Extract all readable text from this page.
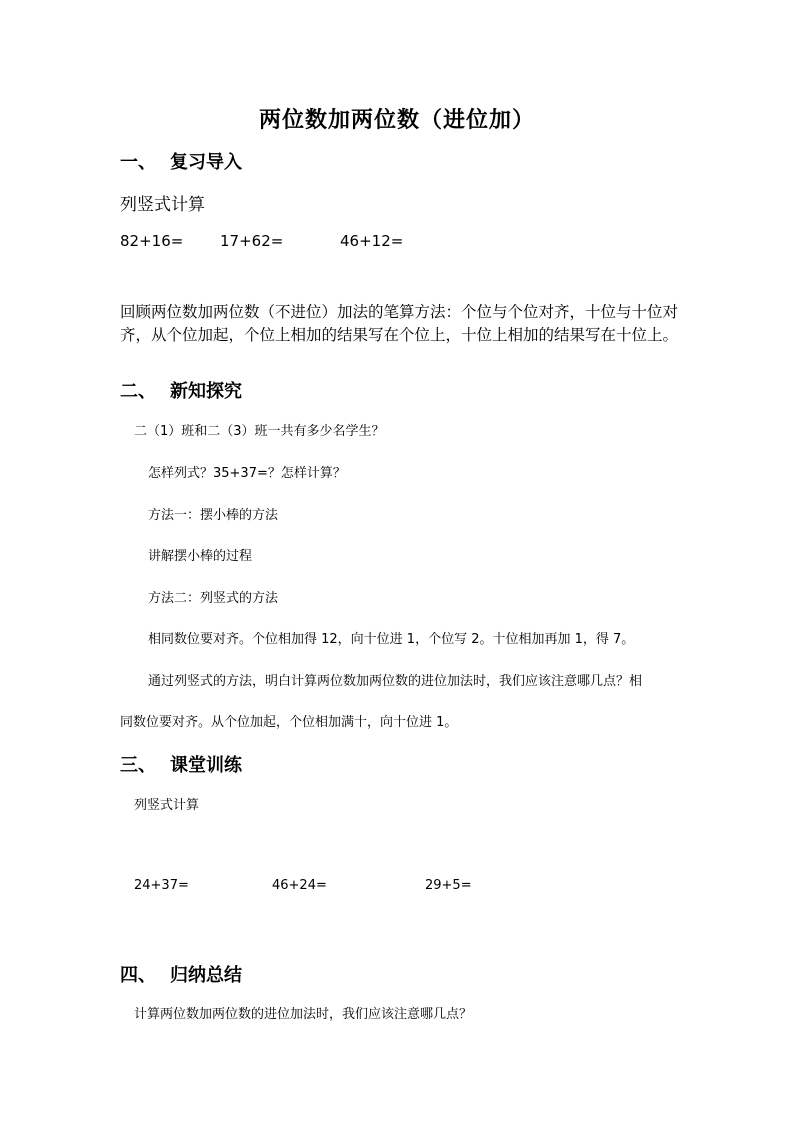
两位数加两位数（进位加）
一、 复习导入
列竖式计算
82+16= 17+62=	46+12=
回顾两位数加两位数（不进位）加法的笔算方法：个位与个位对齐，十位与十位对齐，从个位加起，个位上相加的结果写在个位上，十位上相加的结果写在十位上。
二、 新知探究
二（1）班和二（3）班一共有多少名学生？
怎样列式？35+37=？怎样计算？
方法一：摆小棒的方法
讲解摆小棒的过程
方法二：列竖式的方法
相同数位要对齐。个位相加得 12，向十位进 1，个位写 2。十位相加再加 1，得 7。
通过列竖式的方法，明白计算两位数加两位数的进位加法时，我们应该注意哪几点？相
同数位要对齐。从个位加起，个位相加满十，向十位进 1。
三、 课堂训练
列竖式计算
24+37=	46+24=	29+5=
四、 归纳总结
计算两位数加两位数的进位加法时，我们应该注意哪几点？
